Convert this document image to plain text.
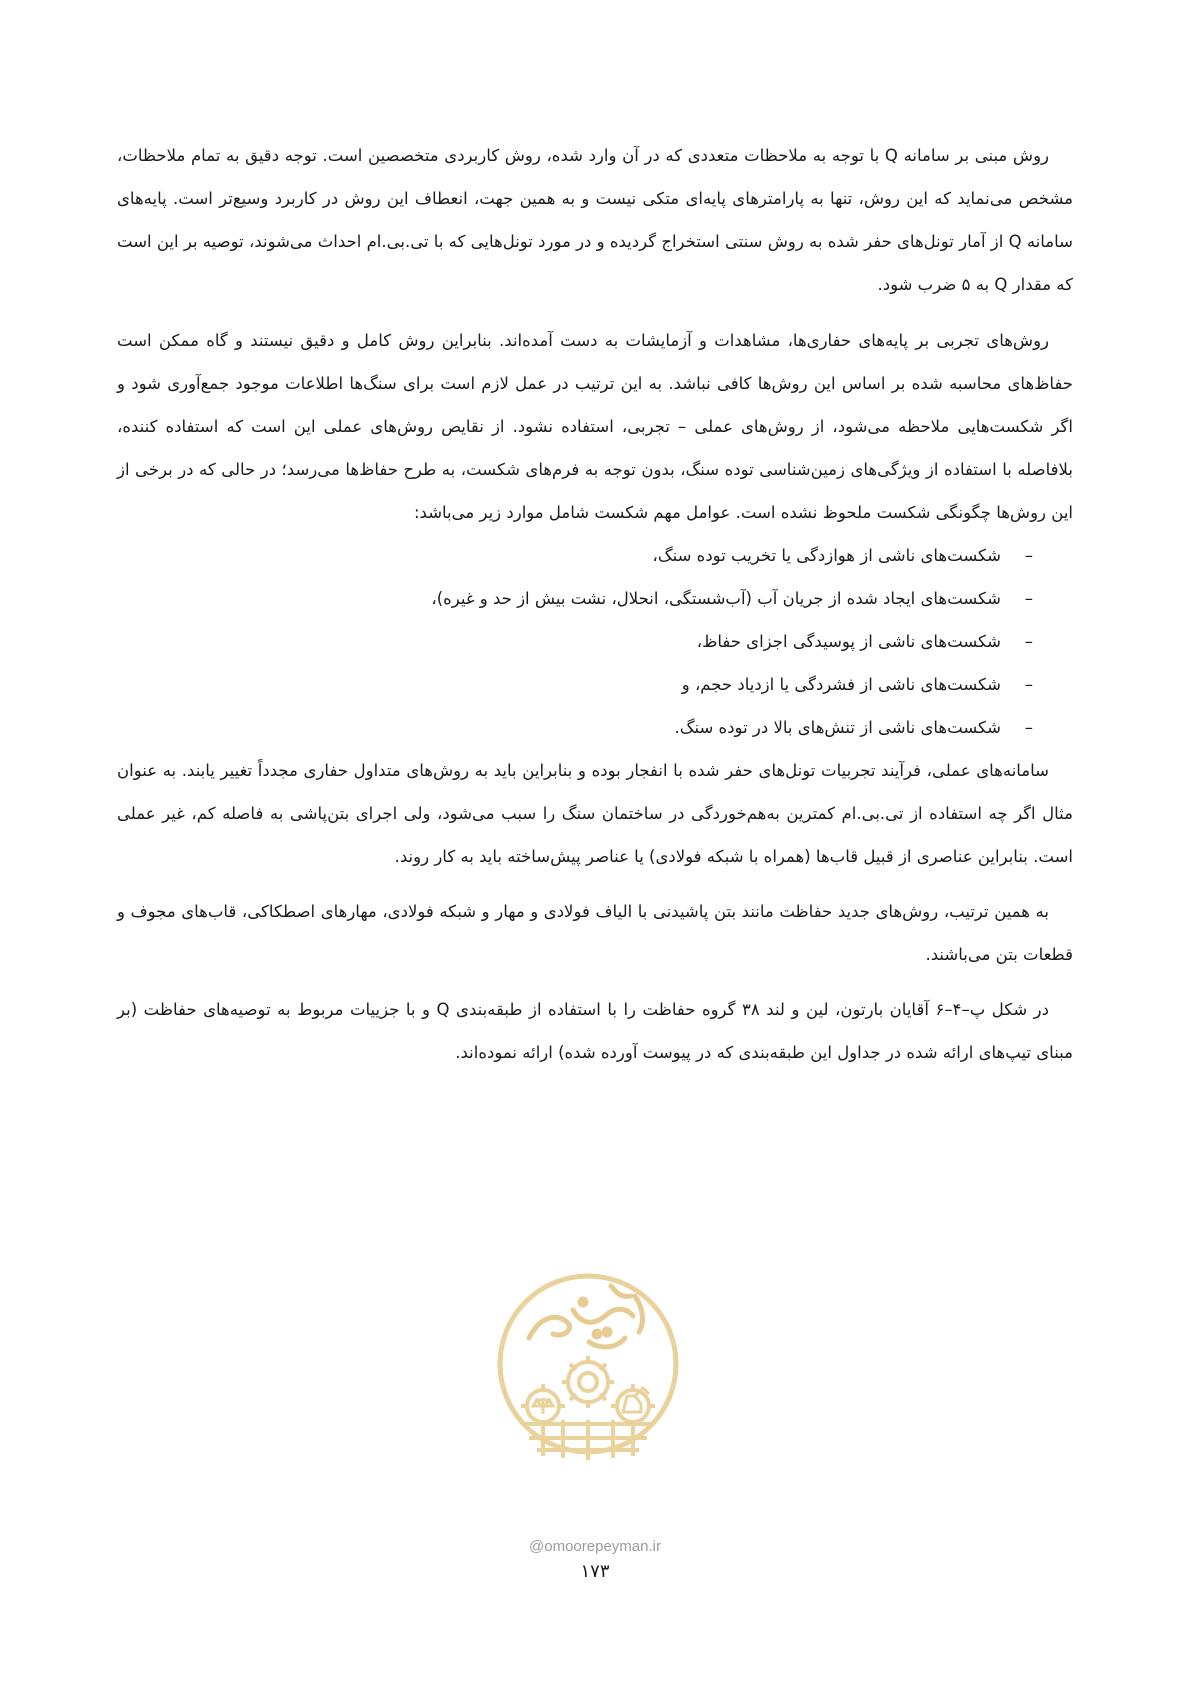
روش مبنی بر سامانه Q با توجه به ملاحظات متعددی که در آن وارد شده، روش کاربردی متخصصین است. توجه دقیق به تمام ملاحظات، مشخص می‌نماید که این روش، تنها به پارامترهای پایه‌ای متکی نیست و به همین جهت، انعطاف این روش در کاربرد وسیع‌تر است. پایه‌های سامانه Q از آمار تونل‌های حفر شده به روش سنتی استخراج گردیده و در مورد تونل‌هایی که با تی.بی.ام احداث می‌شوند، توصیه بر این است که مقدار Q به ۵ ضرب شود.

روش‌های تجربی بر پایه‌های حفاری‌ها، مشاهدات و آزمایشات به دست آمده‌اند. بنابراین روش کامل و دقیق نیستند و گاه ممکن است حفاظ‌های محاسبه شده بر اساس این روش‌ها کافی نباشد. به این ترتیب در عمل لازم است برای سنگ‌ها اطلاعات موجود جمع‌آوری شود و اگر شکست‌هایی ملاحظه می‌شود، از روش‌های عملی – تجربی، استفاده نشود. از نقایص روش‌های عملی این است که استفاده کننده، بلافاصله با استفاده از ویژگی‌های زمین‌شناسی توده سنگ، بدون توجه به فرم‌های شکست، به طرح حفاظ‌ها می‌رسد؛ در حالی که در برخی از این روش‌ها چگونگی شکست ملحوظ نشده است. عوامل مهم شکست شامل موارد زیر می‌باشد:

–
شکست‌های ناشی از هوازدگی یا تخریب توده سنگ،
–
شکست‌های ایجاد شده از جریان آب (آب‌شستگی، انحلال، نشت بیش از حد و غیره)،
–
شکست‌های ناشی از پوسیدگی اجزای حفاظ،
–
شکست‌های ناشی از فشردگی یا ازدیاد حجم، و
–
شکست‌های ناشی از تنش‌های بالا در توده سنگ.

سامانه‌های عملی، فرآیند تجربیات تونل‌های حفر شده با انفجار بوده و بنابراین باید به روش‌های متداول حفاری مجدداً تغییر یابند. به عنوان مثال اگر چه استفاده از تی.بی.ام کمترین به‌هم‌خوردگی در ساختمان سنگ را سبب می‌شود، ولی اجرای بتن‌پاشی به فاصله کم، غیر عملی است. بنابراین عناصری از قبیل قاب‌ها (همراه با شبکه فولادی) یا عناصر پیش‌ساخته باید به کار روند.

به همین ترتیب، روش‌های جدید حفاظت مانند بتن پاشیدنی با الیاف فولادی و مهار و شبکه فولادی، مهارهای اصطکاکی، قاب‌های مجوف و قطعات بتن می‌باشند.

در شکل پ–۴–۶ آقایان بارتون، لین و لند ۳۸ گروه حفاظت را با استفاده از طبقه‌بندی Q و با جزییات مربوط به توصیه‌های حفاظت (بر مبنای تیپ‌های ارائه شده در جداول این طبقه‌بندی که در پیوست آورده شده) ارائه نموده‌اند.

@omoorepeyman.ir
۱۷۳
